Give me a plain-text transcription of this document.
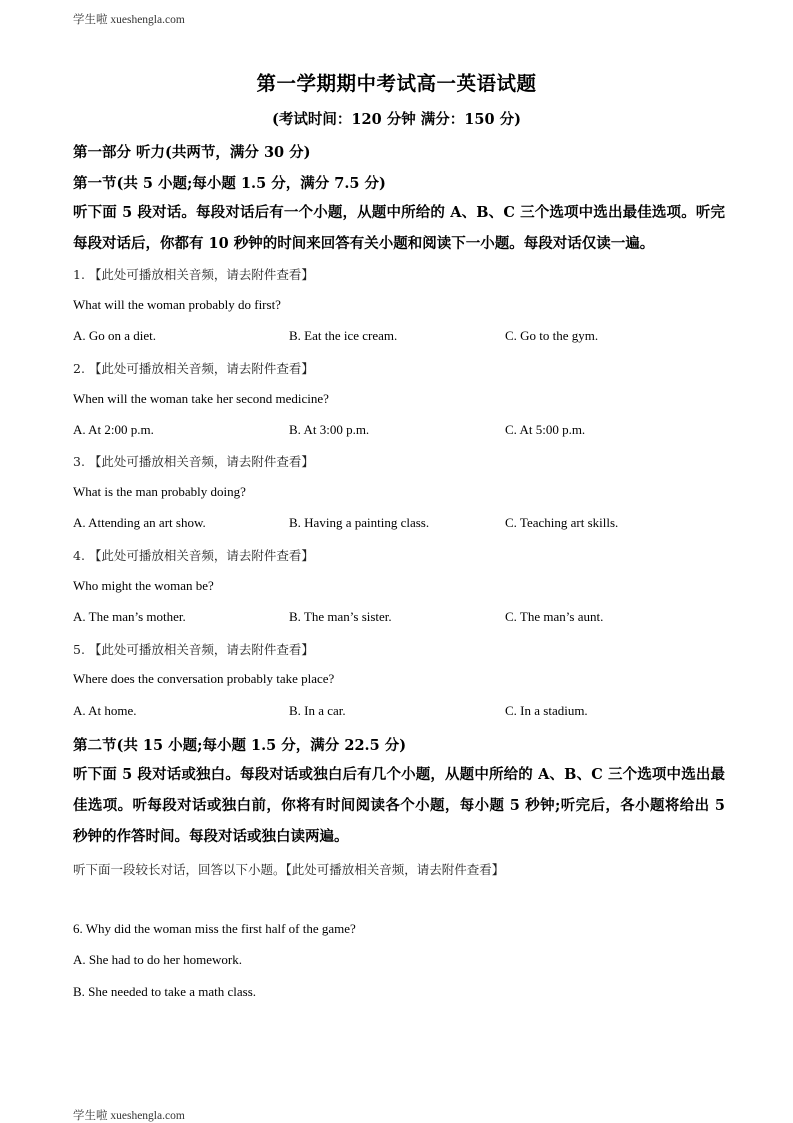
学生啦 xueshengla.com
第一学期期中考试高一英语试题
(考试时间：120 分钟 满分：150 分)
第一部分 听力(共两节，满分 30 分)
第一节(共 5 小题;每小题 1.5 分，满分 7.5 分)
听下面 5 段对话。每段对话后有一个小题，从题中所给的 A、B、C 三个选项中选出最佳选项。听完每段对话后，你都有 10 秒钟的时间来回答有关小题和阅读下一小题。每段对话仅读一遍。
1. 【此处可播放相关音频，请去附件查看】
What will the woman probably do first?
A. Go on a diet.	B. Eat the ice cream.	C. Go to the gym.
2. 【此处可播放相关音频，请去附件查看】
When will the woman take her second medicine?
A. At 2:00 p.m.	B. At 3:00 p.m.	C. At 5:00 p.m.
3. 【此处可播放相关音频，请去附件查看】
What is the man probably doing?
A. Attending an art show.	B. Having a painting class.	C. Teaching art skills.
4. 【此处可播放相关音频，请去附件查看】
Who might the woman be?
A. The man’s mother.	B. The man’s sister.	C. The man’s aunt.
5. 【此处可播放相关音频，请去附件查看】
Where does the conversation probably take place?
A. At home.	B. In a car.	C. In a stadium.
第二节(共 15 小题;每小题 1.5 分，满分 22.5 分)
听下面 5 段对话或独白。每段对话或独白后有几个小题，从题中所给的 A、B、C 三个选项中选出最佳选项。听每段对话或独白前，你将有时间阅读各个小题，每小题 5 秒钟;听完后，各小题将给出 5 秒钟的作答时间。每段对话或独白读两遍。
听下面一段较长对话，回答以下小题。【此处可播放相关音频，请去附件查看】
6. Why did the woman miss the first half of the game?
A. She had to do her homework.
B. She needed to take a math class.
学生啦 xueshengla.com
